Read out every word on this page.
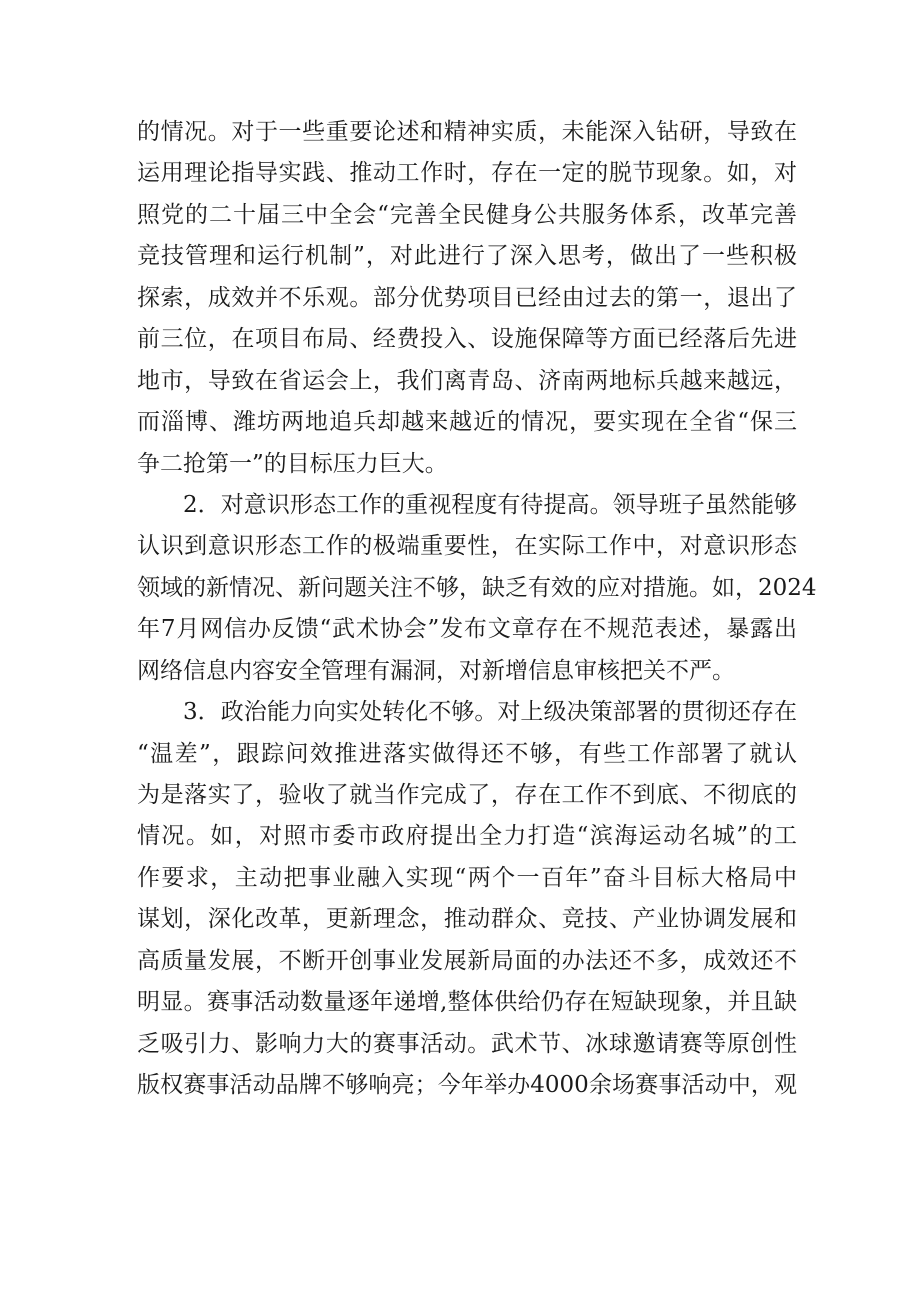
的情况。对于一些重要论述和精神实质，未能深入钻研，导致在
运用理论指导实践、推动工作时，存在一定的脱节现象。如，对
照党的二十届三中全会“完善全民健身公共服务体系，改革完善
竞技管理和运行机制”，对此进行了深入思考，做出了一些积极
探索，成效并不乐观。部分优势项目已经由过去的第一，退出了
前三位，在项目布局、经费投入、设施保障等方面已经落后先进
地市，导致在省运会上，我们离青岛、济南两地标兵越来越远，
而淄博、潍坊两地追兵却越来越近的情况，要实现在全省“保三
争二抢第一”的目标压力巨大。
2．对意识形态工作的重视程度有待提高。领导班子虽然能够
认识到意识形态工作的极端重要性，在实际工作中，对意识形态
领域的新情况、新问题关注不够，缺乏有效的应对措施。如，2024
年7月网信办反馈“武术协会”发布文章存在不规范表述，暴露出
网络信息内容安全管理有漏洞，对新增信息审核把关不严。
3．政治能力向实处转化不够。对上级决策部署的贯彻还存在
“温差”，跟踪问效推进落实做得还不够，有些工作部署了就认
为是落实了，验收了就当作完成了，存在工作不到底、不彻底的
情况。如，对照市委市政府提出全力打造“滨海运动名城”的工
作要求，主动把事业融入实现“两个一百年”奋斗目标大格局中
谋划，深化改革，更新理念，推动群众、竞技、产业协调发展和
高质量发展，不断开创事业发展新局面的办法还不多，成效还不
明显。赛事活动数量逐年递增,整体供给仍存在短缺现象，并且缺
乏吸引力、影响力大的赛事活动。武术节、冰球邀请赛等原创性
版权赛事活动品牌不够响亮；今年举办4000余场赛事活动中，观
